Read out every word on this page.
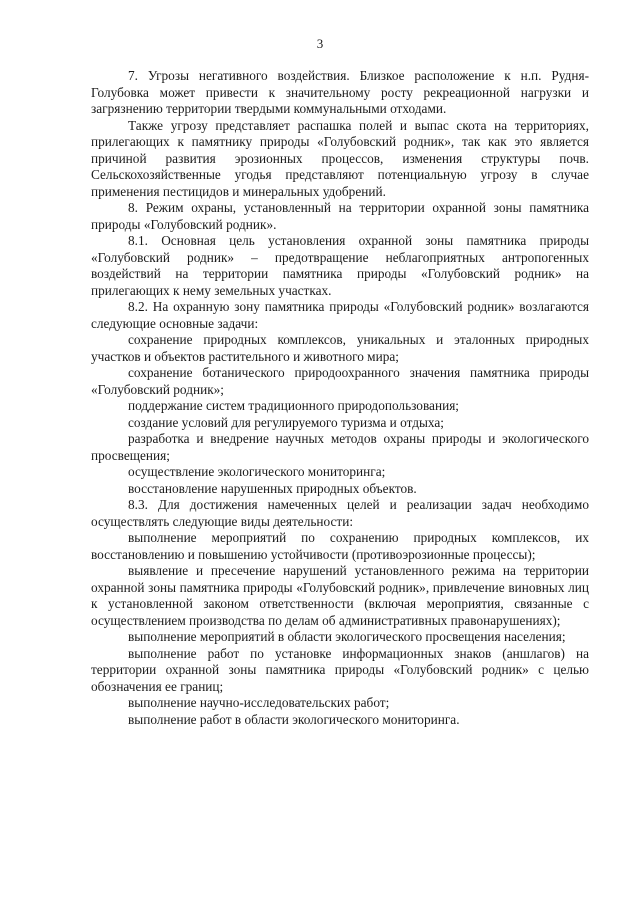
3

7. Угрозы негативного воздействия. Близкое расположение к н.п. Рудня-Голубовка может привести к значительному росту рекреационной нагрузки и загрязнению территории твердыми коммунальными отходами.

Также угрозу представляет распашка полей и выпас скота на территориях, прилегающих к памятнику природы «Голубовский родник», так как это является причиной развития эрозионных процессов, изменения структуры почв. Сельскохозяйственные угодья представляют потенциальную угрозу в случае применения пестицидов и минеральных удобрений.

8. Режим охраны, установленный на территории охранной зоны памятника природы «Голубовский родник».

8.1. Основная цель установления охранной зоны памятника природы «Голубовский родник» – предотвращение неблагоприятных антропогенных воздействий на территории памятника природы «Голубовский родник» на прилегающих к нему земельных участках.

8.2. На охранную зону памятника природы «Голубовский родник» возлагаются следующие основные задачи:

сохранение природных комплексов, уникальных и эталонных природных участков и объектов растительного и животного мира;

сохранение ботанического природоохранного значения памятника природы «Голубовский родник»;

поддержание систем традиционного природопользования;

создание условий для регулируемого туризма и отдыха;

разработка и внедрение научных методов охраны природы и экологического просвещения;

осуществление экологического мониторинга;

восстановление нарушенных природных объектов.

8.3. Для достижения намеченных целей и реализации задач необходимо осуществлять следующие виды деятельности:

выполнение мероприятий по сохранению природных комплексов, их восстановлению и повышению устойчивости (противоэрозионные процессы);

выявление и пресечение нарушений установленного режима на территории охранной зоны памятника природы «Голубовский родник», привлечение виновных лиц к установленной законом ответственности (включая мероприятия, связанные с осуществлением производства по делам об административных правонарушениях);

выполнение мероприятий в области экологического просвещения населения;

выполнение работ по установке информационных знаков (аншлагов) на территории охранной зоны памятника природы «Голубовский родник» с целью обозначения ее границ;

выполнение научно-исследовательских работ;

выполнение работ в области экологического мониторинга.
